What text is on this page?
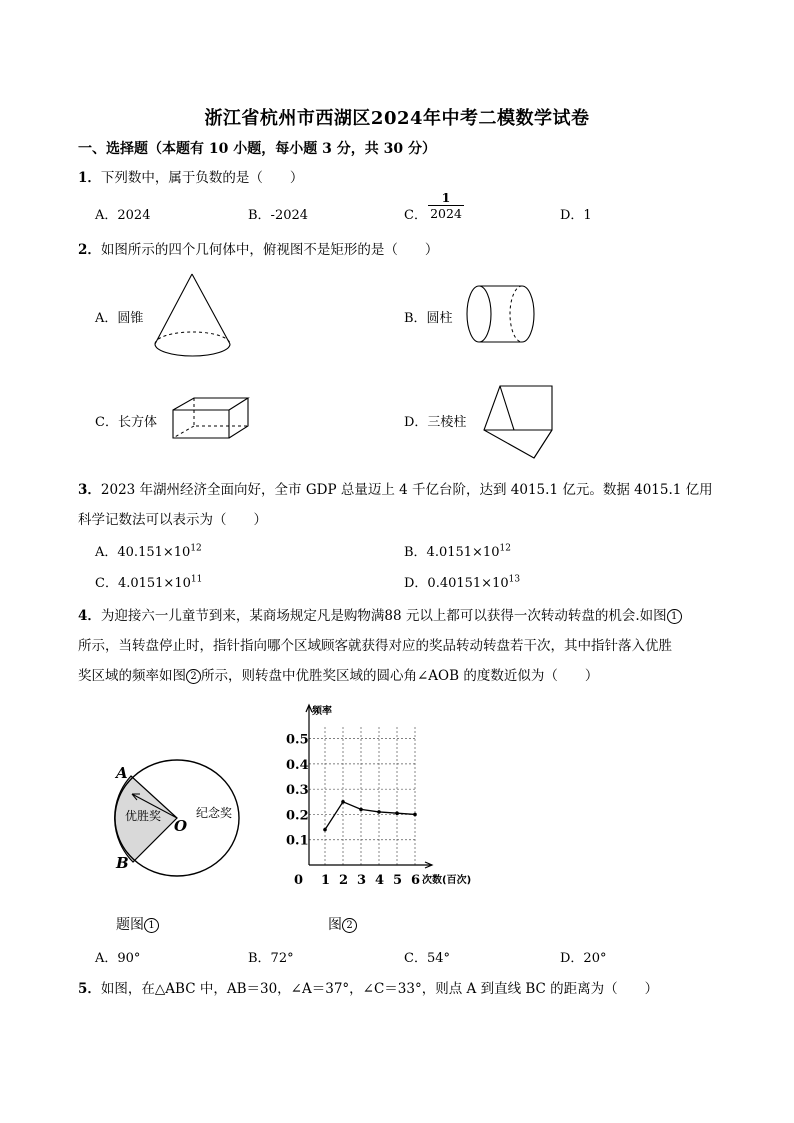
浙江省杭州市西湖区2024年中考二模数学试卷
一、选择题（本题有 10 小题，每小题 3 分，共 30 分）
1．下列数中，属于负数的是（　　）
A．2024	B．-2024	C． $\frac{1}{2024}$	D．1
2．如图所示的四个几何体中，俯视图不是矩形的是（　　）
A．圆锥	B．圆柱
C．长方体	D．三棱柱
3．2023 年湖州经济全面向好，全市 GDP 总量迈上 4 千亿台阶，达到 4015.1 亿元。数据 4015.1 亿用
科学记数法可以表示为（　　）
A．$40.151\times 10^{12}$	B．$4.0151\times 10^{12}$
C．$4.0151\times 10^{11}$	D．$0.40151\times 10^{13}$
4．为迎接六一儿童节到来，某商场规定凡是购物满88 元以上都可以获得一次转动转盘的机会.如图 1
所示，当转盘停止时，指针指向哪个区域顾客就获得对应的奖品转动转盘若干次，其中指针落入优胜
奖区域的频率如图 2 所示，则转盘中优胜奖区域的圆心角∠AOB 的度数近似为（　　）
A
B
O
优胜奖	纪念奖
频率
次数(百次)
0
0.1
0.2
0.3
0.4
0.5
1 2 3 4 5 6
题图 1	图 2
A．90°	B．72°	C．54°	D．20°
5．如图，在△ABC 中，AB＝30，∠A＝37°，∠C＝33°，则点 A 到直线 BC 的距离为（　　）
